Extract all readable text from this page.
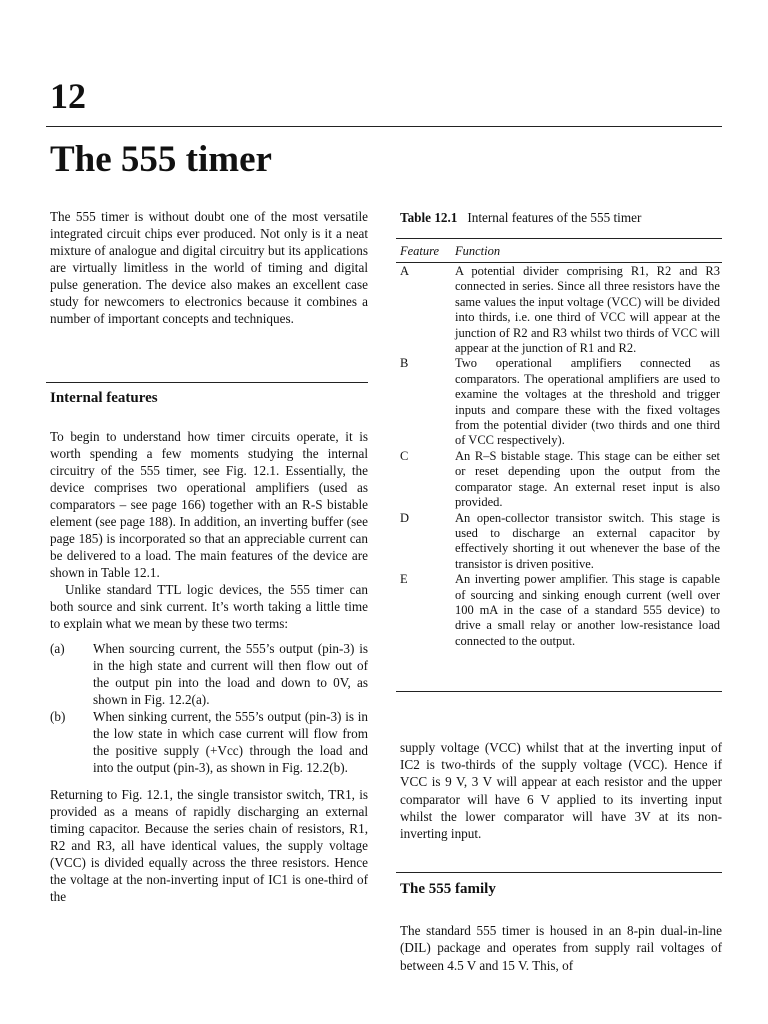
12
The 555 timer
The 555 timer is without doubt one of the most versatile integrated circuit chips ever produced. Not only is it a neat mixture of analogue and digital circuitry but its applications are virtually limitless in the world of timing and digital pulse generation. The device also makes an excellent case study for newcomers to electronics because it combines a number of important concepts and techniques.
Internal features

To begin to understand how timer circuits operate, it is worth spending a few moments studying the internal circuitry of the 555 timer, see Fig. 12.1. Essentially, the device comprises two operational amplifiers (used as comparators – see page 166) together with an R-S bistable element (see page 188). In addition, an inverting buffer (see page 185) is incorporated so that an appreciable current can be delivered to a load. The main features of the device are shown in Table 12.1.

Unlike standard TTL logic devices, the 555 timer can both source and sink current. It’s worth taking a little time to explain what we mean by these two terms:

(a)	When sourcing current, the 555’s output (pin-3) is in the high state and current will then flow out of the output pin into the load and down to 0V, as shown in Fig. 12.2(a).
(b)	When sinking current, the 555’s output (pin-3) is in the low state in which case current will flow from the positive supply (+Vcc) through the load and into the output (pin-3), as shown in Fig. 12.2(b).

Returning to Fig. 12.1, the single transistor switch, TR1, is provided as a means of rapidly discharging an external timing capacitor. Because the series chain of resistors, R1, R2 and R3, all have identical values, the supply voltage (VCC) is divided equally across the three resistors. Hence the voltage at the non-inverting input of IC1 is one-third of the

Table 12.1 Internal features of the 555 timer
Feature Function
A	A potential divider comprising R1, R2 and R3 connected in series. Since all three resistors have the same values the input voltage (VCC) will be divided into thirds, i.e. one third of VCC will appear at the junction of R2 and R3 whilst two thirds of VCC will appear at the junction of R1 and R2.
B	Two operational amplifiers connected as comparators. The operational amplifiers are used to examine the voltages at the threshold and trigger inputs and compare these with the fixed voltages from the potential divider (two thirds and one third of VCC respectively).
C	An R–S bistable stage. This stage can be either set or reset depending upon the output from the comparator stage. An external reset input is also provided.
D	An open-collector transistor switch. This stage is used to discharge an external capacitor by effectively shorting it out whenever the base of the transistor is driven positive.
E	An inverting power amplifier. This stage is capable of sourcing and sinking enough current (well over 100 mA in the case of a standard 555 device) to drive a small relay or another low-resistance load connected to the output.
supply voltage (VCC) whilst that at the inverting input of IC2 is two-thirds of the supply voltage (VCC). Hence if VCC is 9 V, 3 V will appear at each resistor and the upper comparator will have 6 V applied to its inverting input whilst the lower comparator will have 3V at its non-inverting input.
The 555 family
The standard 555 timer is housed in an 8-pin dual-in-line (DIL) package and operates from supply rail voltages of between 4.5 V and 15 V. This, of
